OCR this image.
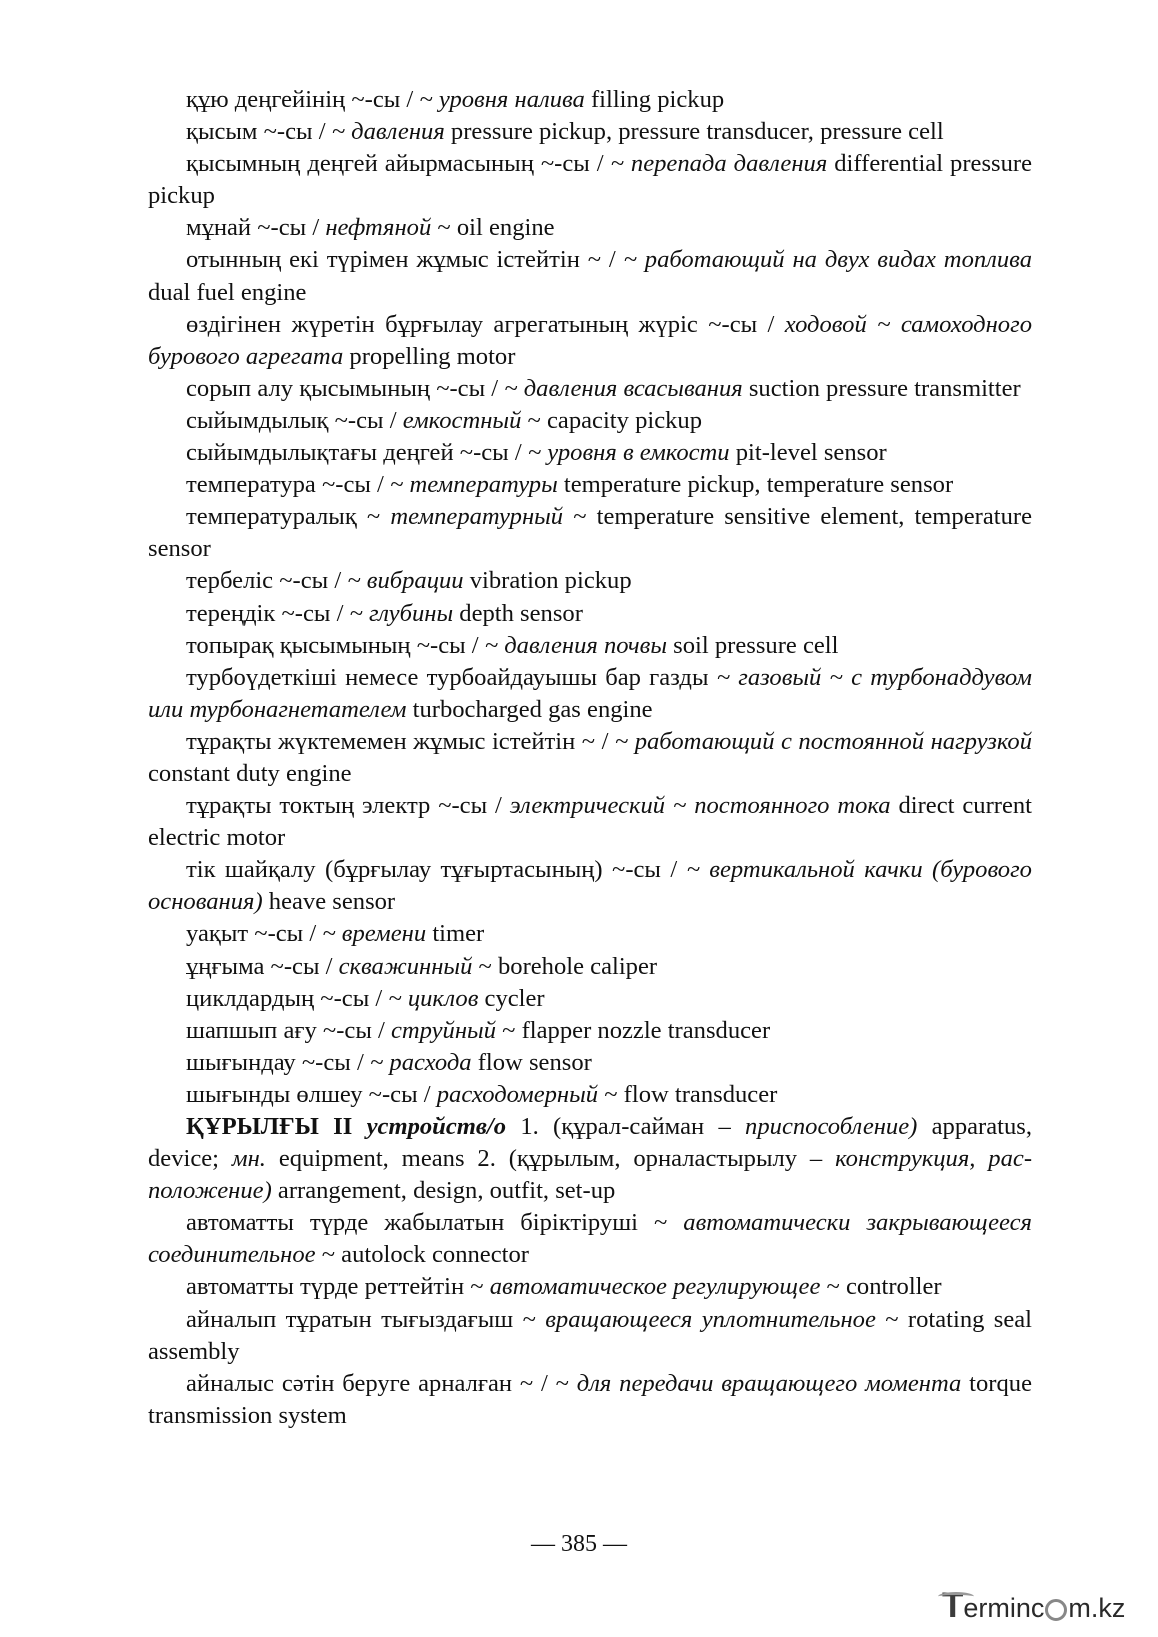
құю деңгейінің ~-сы / ~ уровня налива filling pickup

қысым ~-сы / ~ давления pressure pickup, pressure transducer, pressure cell

қысымның деңгей айырмасының ~-сы / ~ перепада давления differential pressure pickup

мұнай ~-сы / нефтяной ~ oil engine

отынның екі түрімен жұмыс істейтін ~ / ~ работающий на двух видах топлива dual fuel engine

өздігінен жүретін бұрғылау агрегатының жүріс ~-сы / ходовой ~ самоходного бурового агрегата propelling motor

сорып алу қысымының ~-сы / ~ давления всасывания suction pressure transmitter

сыйымдылық ~-сы / емкостный ~ capacity pickup

сыйымдылықтағы деңгей ~-сы / ~ уровня в емкости pit-level sensor

температура ~-сы / ~ температуры temperature pickup, temperature sensor

температуралық ~ температурный ~ temperature sensitive element, temperature sensor

тербеліс ~-сы / ~ вибрации vibration pickup

тереңдік ~-сы / ~ глубины depth sensor

топырақ қысымының ~-сы / ~ давления почвы soil pressure cell

турбоүдеткіші немесе турбоайдауышы бар газды ~ газовый ~ с турбонаддувом или турбонагнетателем turbocharged gas engine

тұрақты жүктемемен жұмыс істейтін ~ / ~ работающий с постоянной нагрузкой constant duty engine

тұрақты токтың электр ~-сы / электрический ~ постоянного тока direct current electric motor

тік шайқалу (бұрғылау тұғыртасының) ~-сы / ~ вертикальной качки (бурового основания) heave sensor

уақыт ~-сы / ~ времени timer

ұңғыма ~-сы / скважинный ~ borehole caliper

циклдардың ~-сы / ~ циклов cycler

шапшып ағу ~-сы / струйный ~ flapper nozzle transducer

шығындау ~-сы / ~ расхода flow sensor

шығынды өлшеу ~-сы / расходомерный ~ flow transducer

ҚҰРЫЛҒЫ II устройств/о 1. (құрал-сайман – приспособление) apparatus, device; мн. equipment, means 2. (құрылым, орналастырылу – конструкция, расположение) arrangement, design, outfit, set-up

автоматты түрде жабылатын біріктіруші ~ автоматически закрывающееся соединительное ~ autolock connector

автоматты түрде реттейтін ~ автоматическое регулирующее ~ controller

айналып тұратын тығыздағыш ~ вращающееся уплотнительное ~ rotating seal assembly

айналыс сәтін беруге арналған ~ / ~ для передачи вращающего момента torque transmission system

— 385 —
Terminc m.kz
